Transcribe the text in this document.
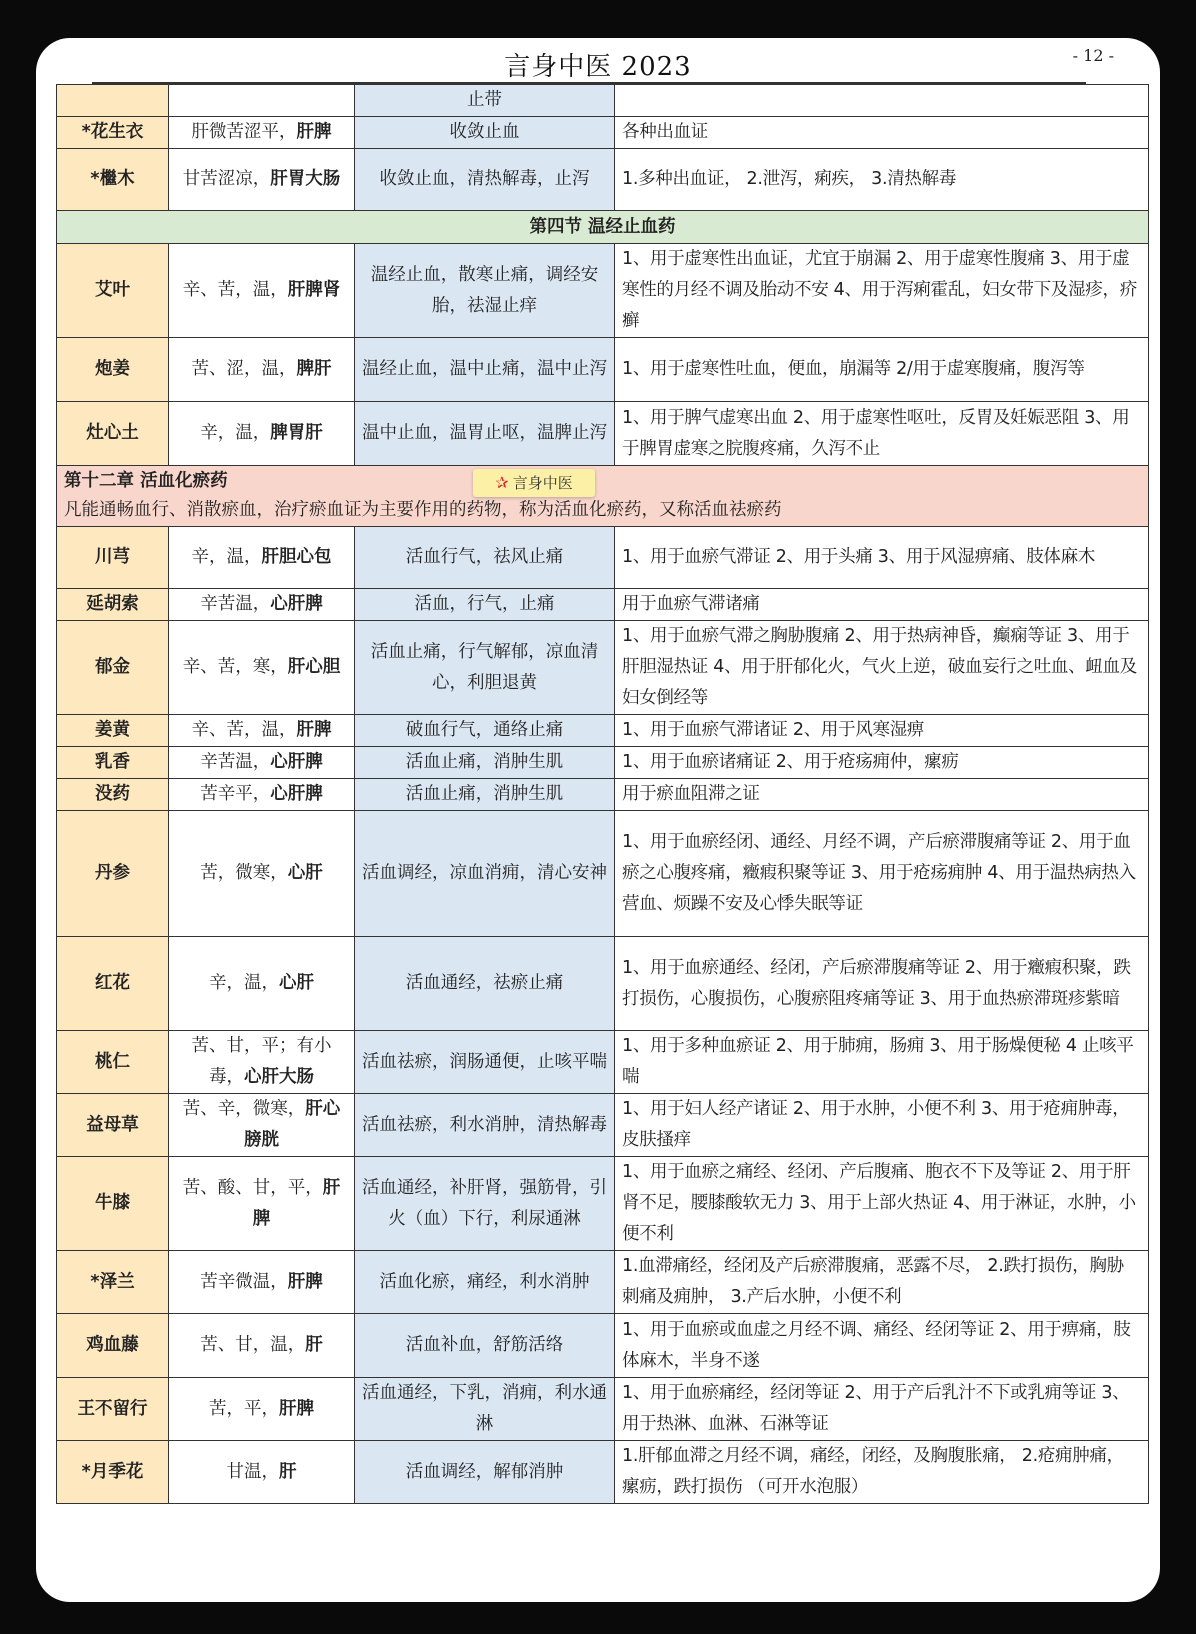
言身中医 2023	- 12 -
		止带	
*花生衣	肝微苦涩平，肝脾	收敛止血	各种出血证
*檵木	甘苦涩凉，肝胃大肠	收敛止血，清热解毒，止泻	1.多种出血证， 2.泄泻，痢疾， 3.清热解毒
第四节 温经止血药			
艾叶	辛、苦，温，肝脾肾	温经止血，散寒止痛，调经安胎，祛湿止痒	1、用于虚寒性出血证，尤宜于崩漏 2、用于虚寒性腹痛 3、用于虚寒性的月经不调及胎动不安 4、用于泻痢霍乱，妇女带下及湿疹，疥癣
炮姜	苦、涩，温，脾肝	温经止血，温中止痛，温中止泻	1、用于虚寒性吐血，便血，崩漏等 2/用于虚寒腹痛，腹泻等
灶心土	辛，温，脾胃肝	温中止血，温胃止呕，温脾止泻	1、用于脾气虚寒出血 2、用于虚寒性呕吐，反胃及妊娠恶阻 3、用于脾胃虚寒之脘腹疼痛，久泻不止

第十二章 活血化瘀药
凡能通畅血行、消散瘀血，治疗瘀血证为主要作用的药物，称为活血化瘀药，又称活血祛瘀药
✰ 言身中医			

川芎	辛，温，肝胆心包	活血行气，祛风止痛	1、用于血瘀气滞证 2、用于头痛 3、用于风湿痹痛、肢体麻木
延胡索	辛苦温，心肝脾	活血，行气，止痛	用于血瘀气滞诸痛
郁金	辛、苦，寒，肝心胆	活血止痛，行气解郁，凉血清心，利胆退黄	1、用于血瘀气滞之胸胁腹痛 2、用于热病神昏，癫痫等证 3、用于肝胆湿热证 4、用于肝郁化火，气火上逆，破血妄行之吐血、衄血及妇女倒经等
姜黄	辛、苦，温，肝脾	破血行气，通络止痛	1、用于血瘀气滞诸证 2、用于风寒湿痹
乳香	辛苦温，心肝脾	活血止痛，消肿生肌	1、用于血瘀诸痛证 2、用于疮疡痈仲，瘰疬
没药	苦辛平，心肝脾	活血止痛，消肿生肌	用于瘀血阻滞之证
丹参	苦，微寒，心肝	活血调经，凉血消痈，清心安神	1、用于血瘀经闭、通经、月经不调，产后瘀滞腹痛等证 2、用于血瘀之心腹疼痛，癥瘕积聚等证 3、用于疮疡痈肿 4、用于温热病热入营血、烦躁不安及心悸失眠等证
红花	辛，温，心肝	活血通经，祛瘀止痛	1、用于血瘀通经、经闭，产后瘀滞腹痛等证 2、用于癥瘕积聚，跌打损伤，心腹损伤，心腹瘀阻疼痛等证 3、用于血热瘀滞斑疹紫暗
桃仁	苦、甘，平；有小毒，心肝大肠	活血祛瘀，润肠通便，止咳平喘	1、用于多种血瘀证 2、用于肺痈，肠痈 3、用于肠燥便秘 4 止咳平喘
益母草	苦、辛，微寒，肝心膀胱	活血祛瘀，利水消肿，清热解毒	1、用于妇人经产诸证 2、用于水肿，小便不利 3、用于疮痈肿毒，皮肤搔痒
牛膝	苦、酸、甘，平，肝脾	活血通经，补肝肾，强筋骨，引火（血）下行，利尿通淋	1、用于血瘀之痛经、经闭、产后腹痛、胞衣不下及等证 2、用于肝肾不足，腰膝酸软无力 3、用于上部火热证 4、用于淋证，水肿，小便不利
*泽兰	苦辛微温，肝脾	活血化瘀，痛经，利水消肿	1.血滞痛经，经闭及产后瘀滞腹痛，恶露不尽， 2.跌打损伤，胸胁刺痛及痈肿， 3.产后水肿，小便不利
鸡血藤	苦、甘，温，肝	活血补血，舒筋活络	1、用于血瘀或血虚之月经不调、痛经、经闭等证 2、用于痹痛，肢体麻木，半身不遂
王不留行	苦，平，肝脾	活血通经，下乳，消痈，利水通淋	1、用于血瘀痛经，经闭等证 2、用于产后乳汁不下或乳痈等证 3、用于热淋、血淋、石淋等证
*月季花	甘温，肝	活血调经，解郁消肿	1.肝郁血滞之月经不调，痛经，闭经，及胸腹胀痛， 2.疮痈肿痛，瘰疬，跌打损伤 （可开水泡服）
